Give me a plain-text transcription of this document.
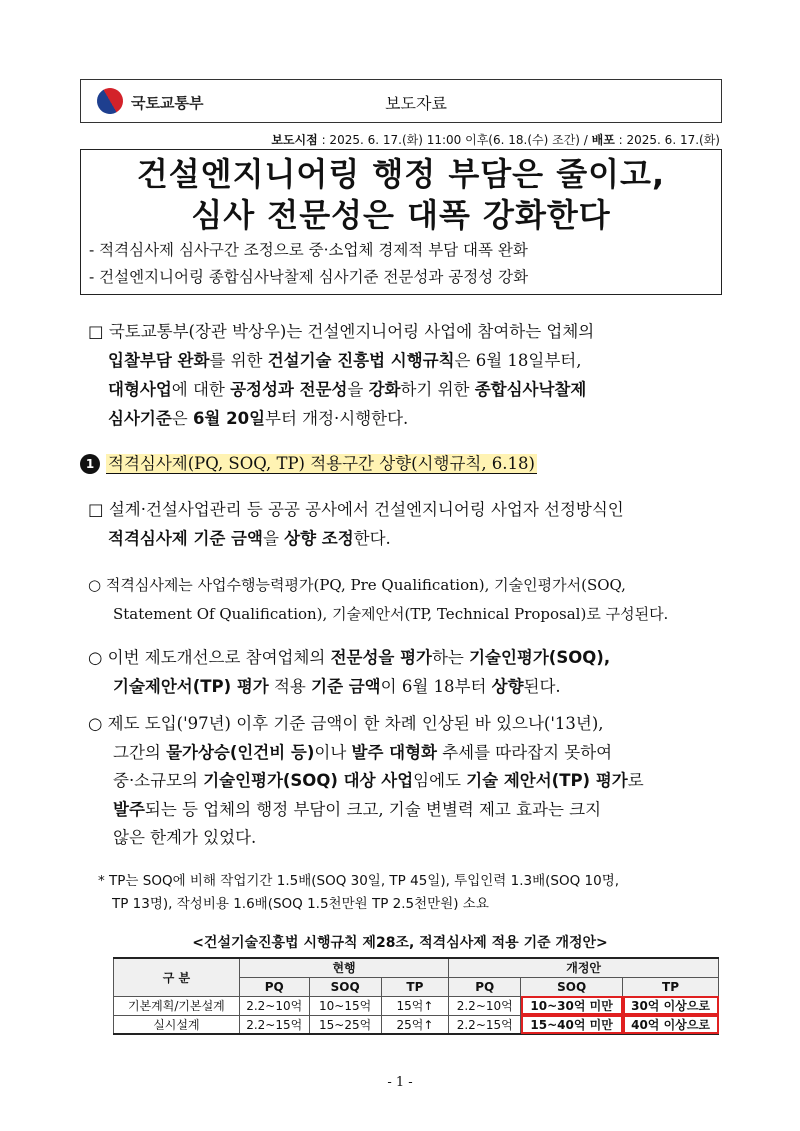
국토교통부	보도자료
보도시점 : 2025. 6. 17.(화) 11:00 이후(6. 18.(수) 조간) / 배포 : 2025. 6. 17.(화)
건설엔지니어링 행정 부담은 줄이고,
심사 전문성은 대폭 강화한다
- 적격심사제 심사구간 조정으로 중·소업체 경제적 부담 대폭 완화
- 건설엔지니어링 종합심사낙찰제 심사기준 전문성과 공정성 강화
□ 국토교통부(장관 박상우)는 건설엔지니어링 사업에 참여하는 업체의
입찰부담 완화를 위한 건설기술 진흥법 시행규칙은 6월 18일부터,
대형사업에 대한 공정성과 전문성을 강화하기 위한 종합심사낙찰제
심사기준은 6월 20일부터 개정·시행한다.
1 적격심사제(PQ, SOQ, TP) 적용구간 상향(시행규칙, 6.18)
□ 설계·건설사업관리 등 공공 공사에서 건설엔지니어링 사업자 선정방식인
적격심사제 기준 금액을 상향 조정한다.
○ 적격심사제는 사업수행능력평가(PQ, Pre Qualification), 기술인평가서(SOQ,
Statement Of Qualification), 기술제안서(TP, Technical Proposal)로 구성된다.
○ 이번 제도개선으로 참여업체의 전문성을 평가하는 기술인평가(SOQ),
기술제안서(TP) 평가 적용 기준 금액이 6월 18부터 상향된다.
○ 제도 도입('97년) 이후 기준 금액이 한 차례 인상된 바 있으나('13년),
그간의 물가상승(인건비 등)이나 발주 대형화 추세를 따라잡지 못하여
중·소규모의 기술인평가(SOQ) 대상 사업임에도 기술 제안서(TP) 평가로
발주되는 등 업체의 행정 부담이 크고, 기술 변별력 제고 효과는 크지
않은 한계가 있었다.
* TP는 SOQ에 비해 작업기간 1.5배(SOQ 30일, TP 45일), 투입인력 1.3배(SOQ 10명,
TP 13명), 작성비용 1.6배(SOQ 1.5천만원 TP 2.5천만원) 소요
<건설기술진흥법 시행규칙 제28조, 적격심사제 적용 기준 개정안>
구 분	현행			개정안		
	PQ	SOQ	TP	PQ	SOQ	TP
기본계획/기본설계	2.2~10억	10~15억	15억↑	2.2~10억	10~30억 미만	30억 이상으로
실시설계	2.2~15억	15~25억	25억↑	2.2~15억	15~40억 미만	40억 이상으로
- 1 -
